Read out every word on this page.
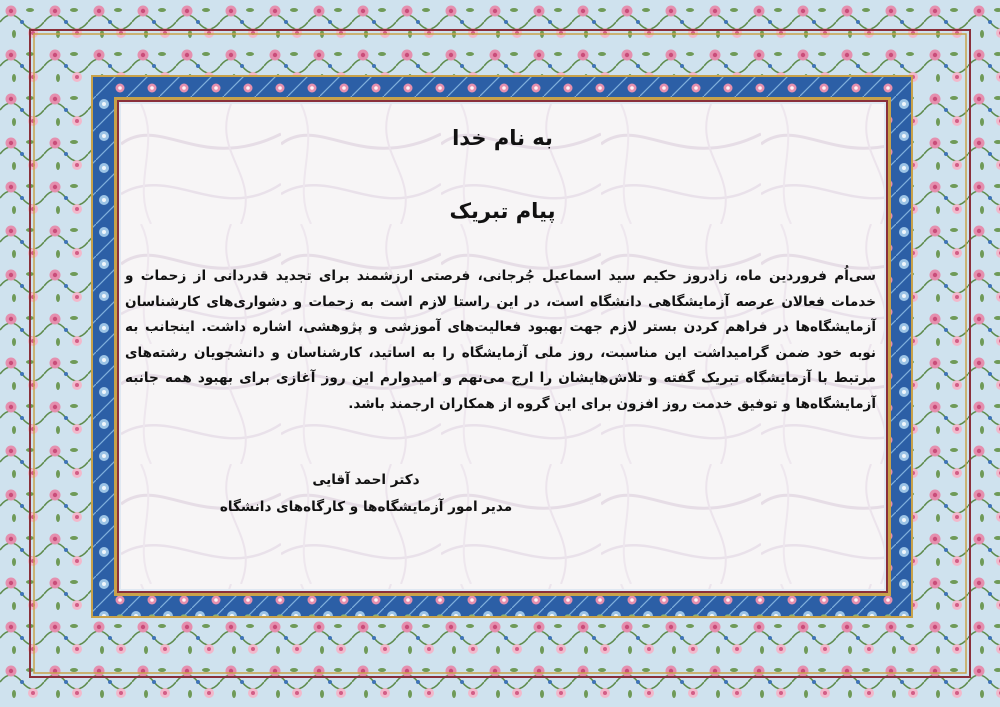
به نام خدا
پیام تبریک
سی‌اُم فروردین ماه، زادروز حکیم سید اسماعیل جُرجانی، فرصتی ارزشمند برای تجدید قدردانی از زحمات و خدمات فعالان عرصه آزمایشگاهی دانشگاه است، در این راستا لازم است به زحمات و دشواری‌های کارشناسان آزمایشگاه‌ها در فراهم کردن بستر لازم جهت بهبود فعالیت‌های آموزشی و پژوهشی، اشاره داشت. اینجانب به نوبه خود ضمن گرامیداشت این مناسبت، روز ملی آزمایشگاه را به اساتید، کارشناسان و دانشجویان رشته‌های مرتبط با آزمایشگاه تبریک گفته و تلاش‌هایشان را ارج می‌نهم و امیدوارم این روز آغازی برای بهبود همه جانبه آزمایشگاه‌ها و توفیق خدمت روز افزون برای این گروه از همکاران ارجمند باشد.
دکتر احمد آقایی
مدیر امور آزمایشگاه‌ها و کارگاه‌های دانشگاه
